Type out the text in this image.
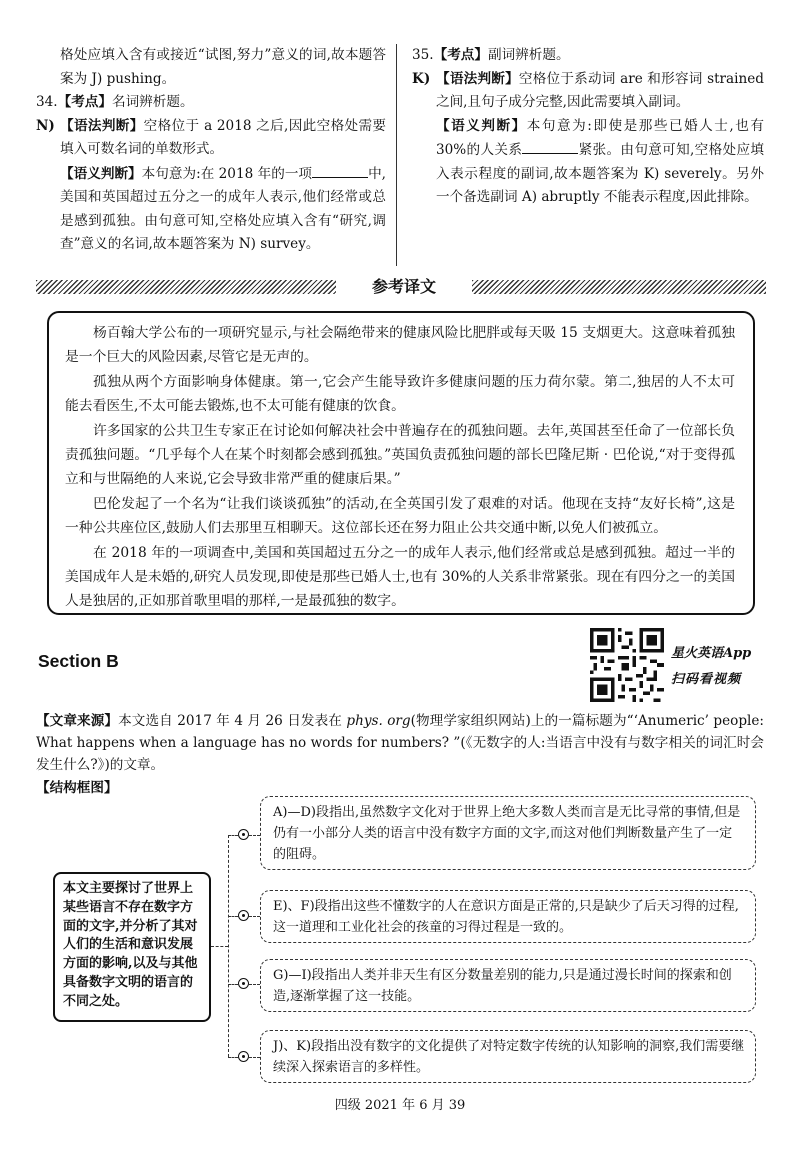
格处应填入含有或接近“试图,努力”意义的词,故本题答案为 J) pushing。

34.【考点】名词辨析题。

N) 【语法判断】空格位于 a 2018 之后,因此空格处需要填入可数名词的单数形式。

【语义判断】本句意为:在 2018 年的一项	中,美国和英国超过五分之一的成年人表示,他们经常或总是感到孤独。由句意可知,空格处应填入含有“研究,调查”意义的名词,故本题答案为 N) survey。

35.【考点】副词辨析题。

K) 【语法判断】空格位于系动词 are 和形容词 strained 之间,且句子成分完整,因此需要填入副词。

【语义判断】本句意为:即使是那些已婚人士,也有 30%的人关系	紧张。由句意可知,空格处应填入表示程度的副词,故本题答案为 K) severely。另外一个备选副词 A) abruptly 不能表示程度,因此排除。

参考译文

杨百翰大学公布的一项研究显示,与社会隔绝带来的健康风险比肥胖或每天吸 15 支烟更大。这意味着孤独是一个巨大的风险因素,尽管它是无声的。

孤独从两个方面影响身体健康。第一,它会产生能导致许多健康问题的压力荷尔蒙。第二,独居的人不太可能去看医生,不太可能去锻炼,也不太可能有健康的饮食。

许多国家的公共卫生专家正在讨论如何解决社会中普遍存在的孤独问题。去年,英国甚至任命了一位部长负责孤独问题。“几乎每个人在某个时刻都会感到孤独。”英国负责孤独问题的部长巴隆尼斯 · 巴伦说,“对于变得孤立和与世隔绝的人来说,它会导致非常严重的健康后果。”

巴伦发起了一个名为“让我们谈谈孤独”的活动,在全英国引发了艰难的对话。他现在支持“友好长椅”,这是一种公共座位区,鼓励人们去那里互相聊天。这位部长还在努力阻止公共交通中断,以免人们被孤立。

在 2018 年的一项调查中,美国和英国超过五分之一的成年人表示,他们经常或总是感到孤独。超过一半的美国成年人是未婚的,研究人员发现,即使是那些已婚人士,也有 30%的人关系非常紧张。现在有四分之一的美国人是独居的,正如那首歌里唱的那样,一是最孤独的数字。

Section B	星火英语App
扫码看视频

【文章来源】本文选自 2017 年 4 月 26 日发表在 phys. org(物理学家组织网站)上的一篇标题为“‘Anumeric’ people: What happens when a language has no words for numbers? ”(《无数字的人:当语言中没有与数字相关的词汇时会发生什么?》)的文章。

【结构框图】
本文主要探讨了世界上某些语言不存在数字方面的文字,并分析了其对人们的生活和意识发展方面的影响,以及与其他具备数字文明的语言的不同之处。
A)—D)段指出,虽然数字文化对于世界上绝大多数人类而言是无比寻常的事情,但是仍有一小部分人类的语言中没有数字方面的文字,而这对他们判断数量产生了一定的阻碍。
E)、F)段指出这些不懂数字的人在意识方面是正常的,只是缺少了后天习得的过程,这一道理和工业化社会的孩童的习得过程是一致的。
G)—I)段指出人类并非天生有区分数量差别的能力,只是通过漫长时间的探索和创造,逐渐掌握了这一技能。
J)、K)段指出没有数字的文化提供了对特定数字传统的认知影响的洞察,我们需要继续深入探索语言的多样性。
四级 2021 年 6 月 39
